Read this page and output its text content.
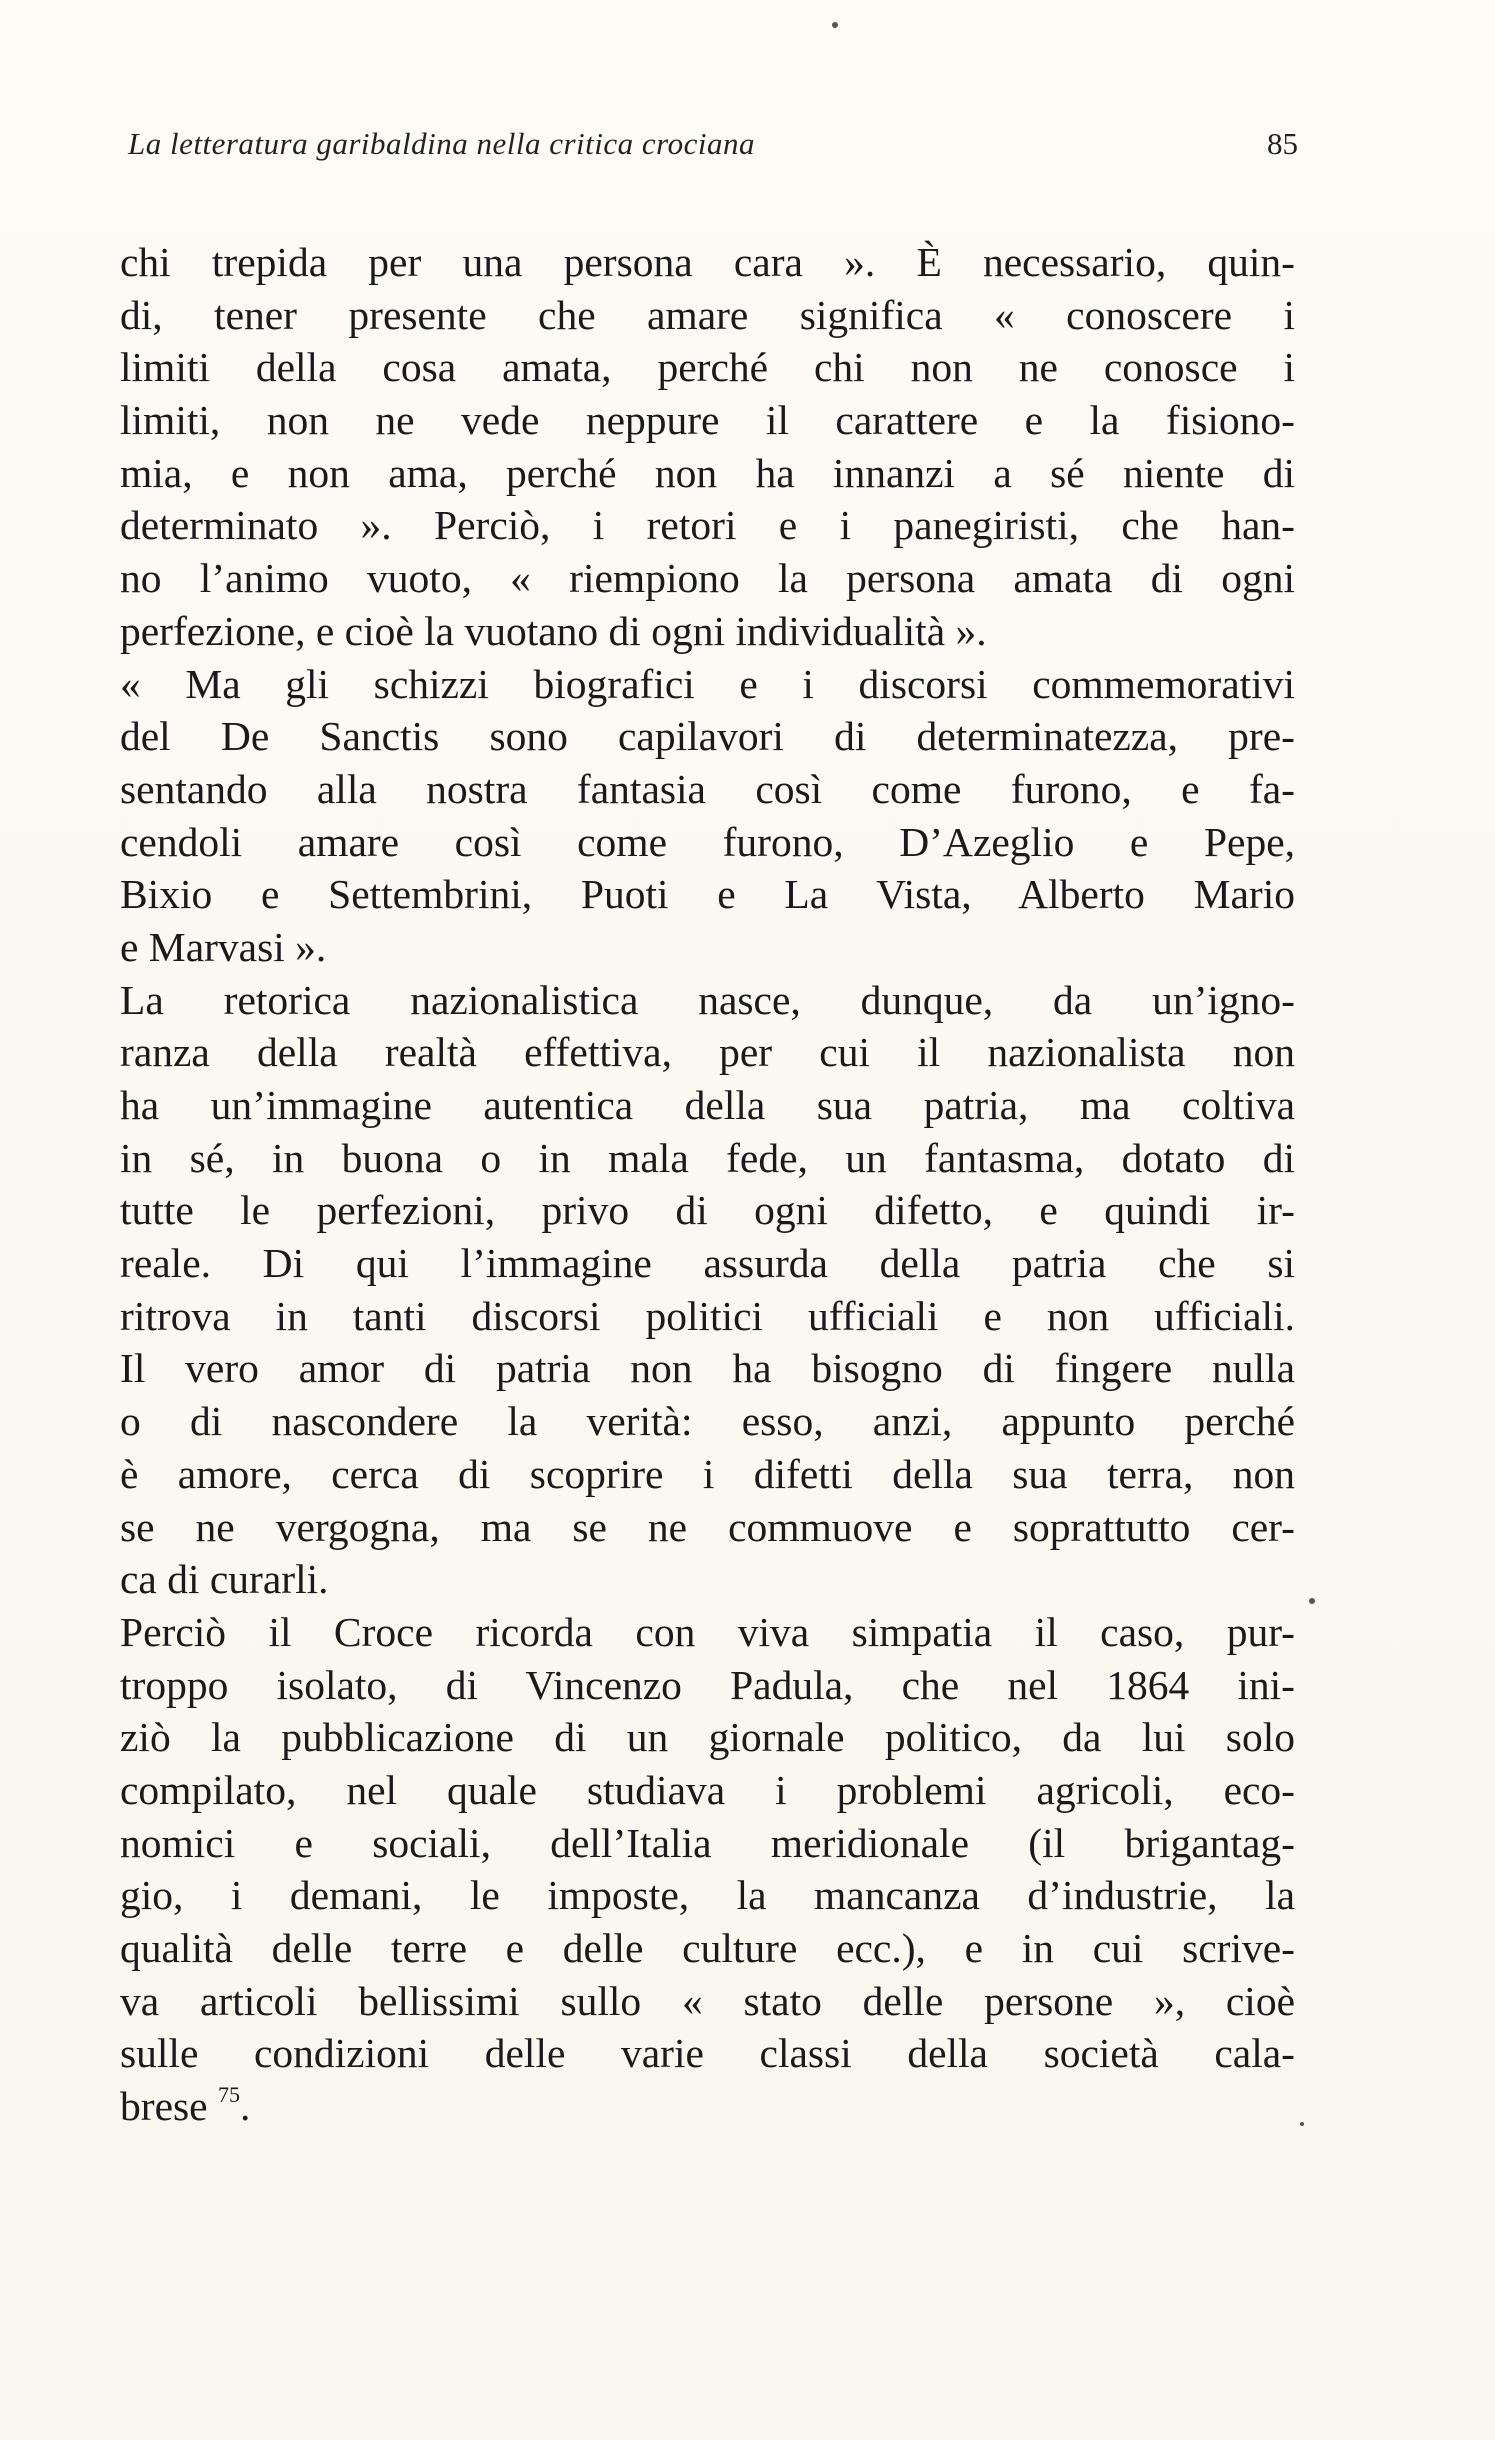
La letteratura garibaldina nella critica crociana	85
chi trepida per una persona cara ». È necessario, quin-
di, tener presente che amare significa « conoscere i
limiti della cosa amata, perché chi non ne conosce i
limiti, non ne vede neppure il carattere e la fisiono-
mia, e non ama, perché non ha innanzi a sé niente di
determinato ». Perciò, i retori e i panegiristi, che han-
no l’animo vuoto, « riempiono la persona amata di ogni
perfezione, e cioè la vuotano di ogni individualità ».
« Ma gli schizzi biografici e i discorsi commemorativi
del De Sanctis sono capilavori di determinatezza, pre-
sentando alla nostra fantasia così come furono, e fa-
cendoli amare così come furono, D’Azeglio e Pepe,
Bixio e Settembrini, Puoti e La Vista, Alberto Mario
e Marvasi ».
La retorica nazionalistica nasce, dunque, da un’igno-
ranza della realtà effettiva, per cui il nazionalista non
ha un’immagine autentica della sua patria, ma coltiva
in sé, in buona o in mala fede, un fantasma, dotato di
tutte le perfezioni, privo di ogni difetto, e quindi ir-
reale. Di qui l’immagine assurda della patria che si
ritrova in tanti discorsi politici ufficiali e non ufficiali.
Il vero amor di patria non ha bisogno di fingere nulla
o di nascondere la verità: esso, anzi, appunto perché
è amore, cerca di scoprire i difetti della sua terra, non
se ne vergogna, ma se ne commuove e soprattutto cer-
ca di curarli.
Perciò il Croce ricorda con viva simpatia il caso, pur-
troppo isolato, di Vincenzo Padula, che nel 1864 ini-
ziò la pubblicazione di un giornale politico, da lui solo
compilato, nel quale studiava i problemi agricoli, eco-
nomici e sociali, dell’Italia meridionale (il brigantag-
gio, i demani, le imposte, la mancanza d’industrie, la
qualità delle terre e delle culture ecc.), e in cui scrive-
va articoli bellissimi sullo « stato delle persone », cioè
sulle condizioni delle varie classi della società cala-
brese $^{75}$.
